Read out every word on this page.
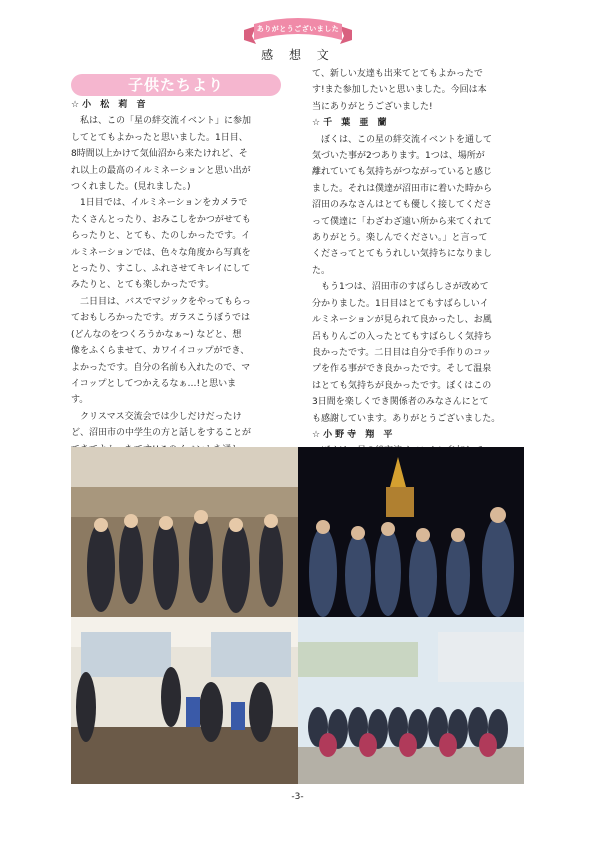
ありがとうございました
感 想 文
子供たちより

☆小 松 莉 音

私は、この「星の絆交流イベント」に参加

してとてもよかったと思いました。1日目、

8時間以上かけて気仙沼から来たけれど、そ

れ以上の最高のイルミネーションと思い出が

つくれました。(見れました。)

1日目では、イルミネーションをカメラで

たくさんとったり、おみこしをかつがせても

らったりと、とても、たのしかったです。イ

ルミネーションでは、色々な角度から写真を

とったり、すこし、ふれさせてキレイにして

みたりと、とても楽しかったです。

二日目は、バスでマジックをやってもらっ

ておもしろかったです。ガラスこうぼうでは

(どんなのをつくろうかなぁ~) などと、想

像をふくらませて、カワイイコップができ、

よかったです。自分の名前も入れたので、マ

イコップとしてつかえるなぁ…!と思いま

す。

クリスマス交流会では少しだけだったけ

ど、沼田市の中学生の方と話しをすることが

て、新しい友達も出来てとてもよかったで

す!また参加したいと思いました。今回は本

当にありがとうございました!

☆千 葉 亜 蘭

ぼくは、この星の絆交流イベントを通して

気づいた事が2つあります。1つは、場所が

離れていても気持ちがつながっていると感じ

ました。それは僕達が沼田市に着いた時から

沼田のみなさんはとても優しく接してくださ

って僕達に「わざわざ遠い所から来てくれて

ありがとう。楽しんでください。」と言って

くださってとてもうれしい気持ちになりまし

た。

もう1つは、沼田市のすばらしさが改めて

分かりました。1日目はとてもすばらしいイ

ルミネーションが見られて良かったし、お風

呂もりんごの入ったとてもすばらしく気持ち

良かったです。二日目は自分で手作りのコッ

プを作る事ができ良かったです。そして温泉

はとても気持ちが良かったです。ぼくはこの

3日間を楽しくでき関係者のみなさんにとて

も感謝しています。ありがとうございました。

☆小野寺 翔 平

-3-
